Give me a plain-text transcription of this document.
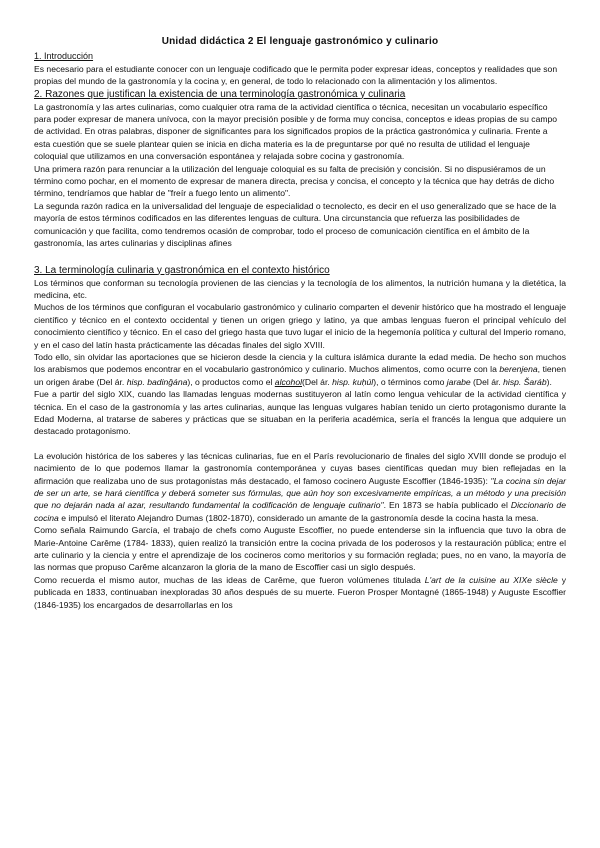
Unidad didáctica 2 El lenguaje gastronómico y culinario
1. Introducción

Es necesario para el estudiante conocer con un lenguaje codificado que le permita poder expresar ideas, conceptos y realidades que son propias del mundo de la gastronomía y la cocina y, en general, de todo lo relacionado con la alimentación y los alimentos.

2. Razones que justifican la existencia de una terminología gastronómica y culinaria

La gastronomía y las artes culinarias, como cualquier otra rama de la actividad científica o técnica, necesitan un vocabulario específico para poder expresar de manera unívoca, con la mayor precisión posible y de forma muy concisa, conceptos e ideas propias de su campo de actividad. En otras palabras, disponer de significantes para los significados propios de la práctica gastronómica y culinaria. Frente a esta cuestión que se suele plantear quien se inicia en dicha materia es la de preguntarse por qué no resulta de utilidad el lenguaje coloquial que utilizamos en una conversación espontánea y relajada sobre cocina y gastronomía.

Una primera razón para renunciar a la utilización del lenguaje coloquial es su falta de precisión y concisión. Si no dispusiéramos de un término como pochar, en el momento de expresar de manera directa, precisa y concisa, el concepto y la técnica que hay detrás de dicho término, tendríamos que hablar de "freír a fuego lento un alimento".

La segunda razón radica en la universalidad del lenguaje de especialidad o tecnolecto, es decir en el uso generalizado que se hace de la mayoría de estos términos codificados en las diferentes lenguas de cultura. Una circunstancia que refuerza las posibilidades de comunicación y que facilita, como tendremos ocasión de comprobar, todo el proceso de comunicación científica en el ámbito de la gastronomía, las artes culinarias y disciplinas afines

3. La terminología culinaria y gastronómica en el contexto histórico

Los términos que conforman su tecnología provienen de las ciencias y la tecnología de los alimentos, la nutrición humana y la dietética, la medicina, etc.

Muchos de los términos que configuran el vocabulario gastronómico y culinario comparten el devenir histórico que ha mostrado el lenguaje científico y técnico en el contexto occidental y tienen un origen griego y latino, ya que ambas lenguas fueron el principal vehículo del conocimiento científico y técnico. En el caso del griego hasta que tuvo lugar el inicio de la hegemonía política y cultural del Imperio romano, y en el caso del latín hasta prácticamente las décadas finales del siglo XVIII.

Todo ello, sin olvidar las aportaciones que se hicieron desde la ciencia y la cultura islámica durante la edad media. De hecho son muchos los arabismos que podemos encontrar en el vocabulario gastronómico y culinario. Muchos alimentos, como ocurre con la berenjena, tienen un origen árabe (Del ár. hisp. badinǧána), o productos como el alcohol(Del ár. hisp. kuḥúl), o términos como jarabe (Del ár. hisp. Šaráb).

Fue a partir del siglo XIX, cuando las llamadas lenguas modernas sustituyeron al latín como lengua vehicular de la actividad científica y técnica. En el caso de la gastronomía y las artes culinarias, aunque las lenguas vulgares habían tenido un cierto protagonismo durante la Edad Moderna, al tratarse de saberes y prácticas que se situaban en la periferia académica, sería el francés la lengua que adquiere un destacado protagonismo.

La evolución histórica de los saberes y las técnicas culinarias, fue en el París revolucionario de finales del siglo XVIII donde se produjo el nacimiento de lo que podemos llamar la gastronomía contemporánea y cuyas bases científicas quedan muy bien reflejadas en la afirmación que realizaba uno de sus protagonistas más destacado, el famoso cocinero Auguste Escoffier (1846-1935): "La cocina sin dejar de ser un arte, se hará científica y deberá someter sus fórmulas, que aún hoy son excesivamente empíricas, a un método y una precisión que no dejarán nada al azar, resultando fundamental la codificación de lenguaje culinario". En 1873 se había publicado el Diccionario de cocina e impulsó el literato Alejandro Dumas (1802-1870), considerado un amante de la gastronomía desde la cocina hasta la mesa.

Como señala Raimundo García, el trabajo de chefs como Auguste Escoffier, no puede entenderse sin la influencia que tuvo la obra de Marie-Antoine Carême (1784- 1833), quien realizó la transición entre la cocina privada de los poderosos y la restauración pública; entre el arte culinario y la ciencia y entre el aprendizaje de los cocineros como meritorios y su formación reglada; pues, no en vano, la mayoría de las normas que propuso Carême alcanzaron la gloria de la mano de Escoffier casi un siglo después.

Como recuerda el mismo autor, muchas de las ideas de Carême, que fueron volúmenes titulada L'art de la cuisine au XIXe siècle y publicada en 1833, continuaban inexploradas 30 años después de su muerte. Fueron Prosper Montagné (1865-1948) y Auguste Escoffier (1846-1935) los encargados de desarrollarlas en los
